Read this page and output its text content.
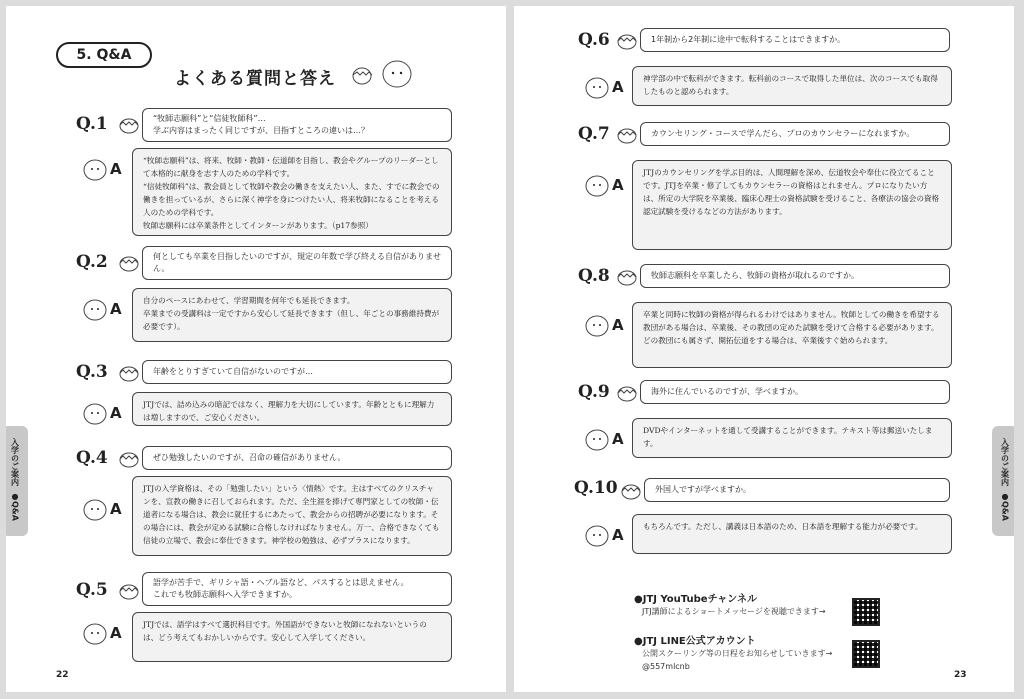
5. Q&A
よくある質問と答え
Q.1	“牧師志願科”と“信徒牧師科”…
学ぶ内容はまったく同じですが、目指すところの違いは…？
A	“牧師志願科”は、将来、牧師・教師・伝道師を目指し、教会やグループのリーダーとして本格的に献身を志す人のための学科です。
“信徒牧師科”は、教会員として牧師や教会の働きを支えたい人、また、すでに教会での働きを担っているが、さらに深く神学を身につけたい人、将来牧師になることを考える人のための学科です。
牧師志願科には卒業条件としてインターンがあります。（p17参照）
Q.2	何としても卒業を目指したいのですが、規定の年数で学び終える自信がありません。
A	自分のペースにあわせて、学習期間を何年でも延長できます。
卒業までの受講料は一定ですから安心して延長できます（但し、年ごとの事務維持費が必要です）。
Q.3	年齢をとりすぎていて自信がないのですが…
A	JTJでは、詰め込みの暗記ではなく、理解力を大切にしています。年齢とともに理解力は増しますので、ご安心ください。
Q.4	ぜひ勉強したいのですが、召命の確信がありません。
A
JTJの入学資格は、その「勉強したい」という〈情熱〉です。主はすべてのクリスチャンを、宣教の働きに召しておられます。ただ、全生涯を捧げて専門家としての牧師・伝道者になる場合は、教会に就任するにあたって、教会からの招聘が必要になります。その場合には、教会が定める試験に合格しなければなりません。万一、合格できなくても信徒の立場で、教会に奉仕できます。神学校の勉強は、必ずプラスになります。
Q.5	語学が苦手で、ギリシャ語・ヘブル語など、パスするとは思えません。
これでも牧師志願科へ入学できますか。
A	JTJでは、語学はすべて選択科目です。外国語ができないと牧師になれないというのは、どう考えてもおかしいからです。安心して入学してください。
入学のご案内
●Q&A
22
Q.6	1年制から2年制に途中で転科することはできますか。
A	神学部の中で転科ができます。転科前のコースで取得した単位は、次のコースでも取得したものと認められます。
Q.7	カウンセリング・コースで学んだら、プロのカウンセラーになれますか。
A
JTJのカウンセリングを学ぶ目的は、人間理解を深め、伝道牧会や奉仕に役立てることです。JTJを卒業・修了してもカウンセラーの資格はとれません。プロになりたい方は、所定の大学院を卒業後、臨床心理士の資格試験を受けること、各療法の協会の資格認定試験を受けるなどの方法があります。
Q.8	牧師志願科を卒業したら、牧師の資格が取れるのですか。
A
卒業と同時に牧師の資格が得られるわけではありません。牧師としての働きを希望する教団がある場合は、卒業後、その教団の定めた試験を受けて合格する必要があります。どの教団にも属さず、開拓伝道をする場合は、卒業後すぐ始められます。
Q.9	海外に住んでいるのですが、学べますか。
A	DVDやインターネットを通して受講することができます。テキスト等は郵送いたします。
Q.10	外国人ですが学べますか。
A	もちろんです。ただし、講義は日本語のため、日本語を理解する能力が必要です。
●JTJ YouTubeチャンネル
JTJ講師によるショートメッセージを視聴できます→
●JTJ LINE公式アカウント
公開スクーリング等の日程をお知らせしていきます→
@557mlcnb
入学のご案内
●Q&A
23
